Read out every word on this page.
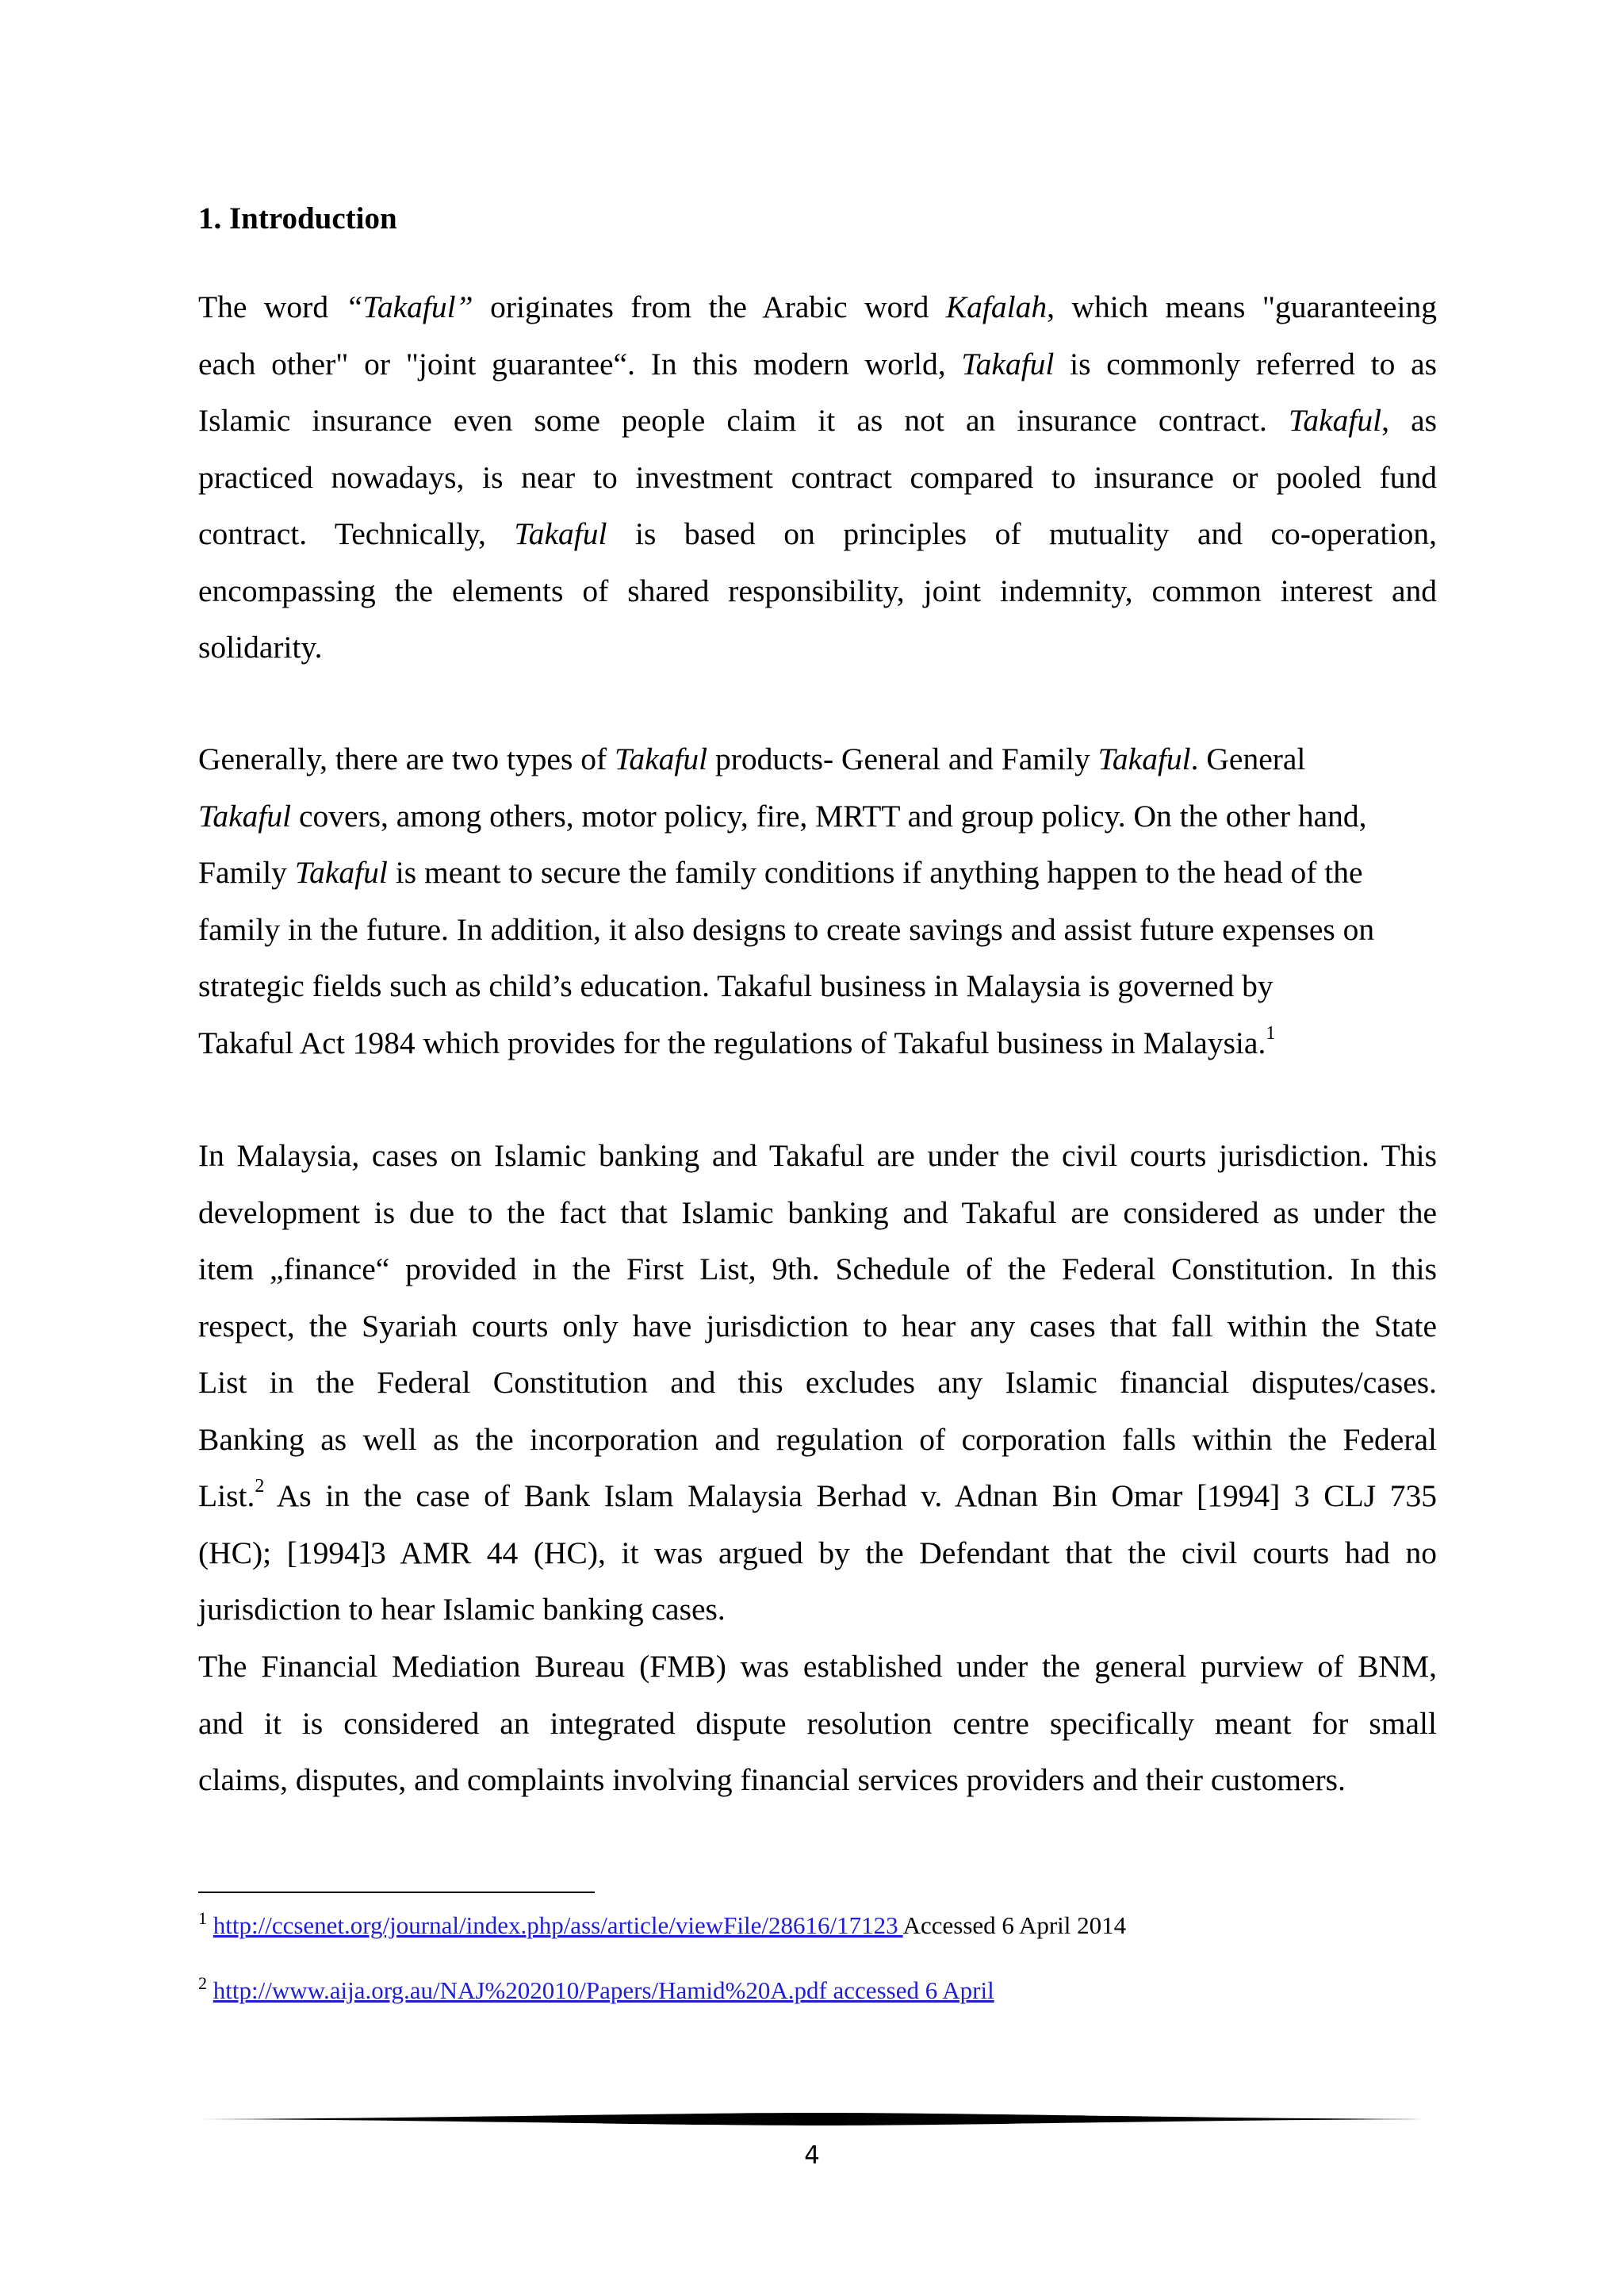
1. Introduction
The word “Takaful” originates from the Arabic word Kafalah, which means "guaranteeing
each other" or "joint guarantee“. In this modern world, Takaful is commonly referred to as
Islamic insurance even some people claim it as not an insurance contract. Takaful, as
practiced nowadays, is near to investment contract compared to insurance or pooled fund
contract. Technically, Takaful is based on principles of mutuality and co-operation,
encompassing the elements of shared responsibility, joint indemnity, common interest and
solidarity.
Generally, there are two types of Takaful products- General and Family Takaful. General
Takaful covers, among others, motor policy, fire, MRTT and group policy. On the other hand,
Family Takaful is meant to secure the family conditions if anything happen to the head of the
family in the future. In addition, it also designs to create savings and assist future expenses on
strategic fields such as child’s education. Takaful business in Malaysia is governed by
Takaful Act 1984 which provides for the regulations of Takaful business in Malaysia.$^1$
In Malaysia, cases on Islamic banking and Takaful are under the civil courts jurisdiction. This
development is due to the fact that Islamic banking and Takaful are considered as under the
item „finance“ provided in the First List, 9th. Schedule of the Federal Constitution. In this
respect, the Syariah courts only have jurisdiction to hear any cases that fall within the State
List in the Federal Constitution and this excludes any Islamic financial disputes/cases.
Banking as well as the incorporation and regulation of corporation falls within the Federal
List.$^2$ As in the case of Bank Islam Malaysia Berhad v. Adnan Bin Omar [1994] 3 CLJ 735
(HC); [1994]3 AMR 44 (HC), it was argued by the Defendant that the civil courts had no
jurisdiction to hear Islamic banking cases.
The Financial Mediation Bureau (FMB) was established under the general purview of BNM,
and it is considered an integrated dispute resolution centre specifically meant for small
claims, disputes, and complaints involving financial services providers and their customers.

$^1$ http://ccsenet.org/journal/index.php/ass/article/viewFile/28616/17123 Accessed 6 April 2014

$^2$ http://www.aija.org.au/NAJ%202010/Papers/Hamid%20A.pdf accessed 6 April

4
